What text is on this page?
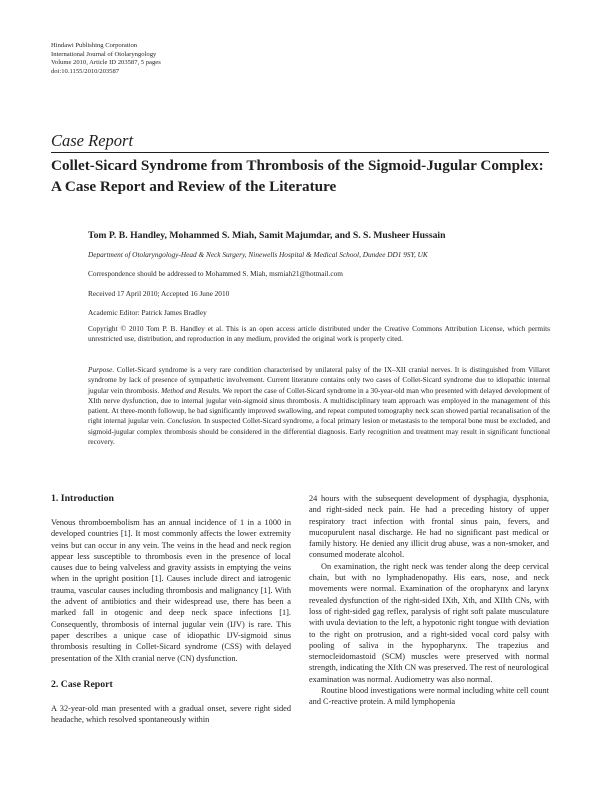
Hindawi Publishing Corporation
International Journal of Otolaryngology
Volume 2010, Article ID 203587, 5 pages
doi:10.1155/2010/203587
Case Report
Collet-Sicard Syndrome from Thrombosis of the Sigmoid-Jugular Complex: A Case Report and Review of the Literature
Tom P. B. Handley, Mohammed S. Miah, Samit Majumdar, and S. S. Musheer Hussain
Department of Otolaryngology-Head & Neck Surgery, Ninewells Hospital & Medical School, Dundee DD1 9SY, UK
Correspondence should be addressed to Mohammed S. Miah, msmiah21@hotmail.com
Received 17 April 2010; Accepted 16 June 2010
Academic Editor: Patrick James Bradley
Copyright © 2010 Tom P. B. Handley et al. This is an open access article distributed under the Creative Commons Attribution License, which permits unrestricted use, distribution, and reproduction in any medium, provided the original work is properly cited.
Purpose. Collet-Sicard syndrome is a very rare condition characterised by unilateral palsy of the IX–XII cranial nerves. It is distinguished from Villaret syndrome by lack of presence of sympathetic involvement. Current literature contains only two cases of Collet-Sicard syndrome due to idiopathic internal jugular vein thrombosis. Method and Results. We report the case of Collet-Sicard syndrome in a 30-year-old man who presented with delayed development of XIth nerve dysfunction, due to internal jugular vein-sigmoid sinus thrombosis. A multidisciplinary team approach was employed in the management of this patient. At three-month followup, he had significantly improved swallowing, and repeat computed tomography neck scan showed partial recanalisation of the right internal jugular vein. Conclusion. In suspected Collet-Sicard syndrome, a focal primary lesion or metastasis to the temporal bone must be excluded, and sigmoid-jugular complex thrombosis should be considered in the differential diagnosis. Early recognition and treatment may result in significant functional recovery.
1. Introduction

Venous thromboembolism has an annual incidence of 1 in a 1000 in developed countries [1]. It most commonly affects the lower extremity veins but can occur in any vein. The veins in the head and neck region appear less susceptible to thrombosis even in the presence of local causes due to being valveless and gravity assists in emptying the veins when in the upright position [1]. Causes include direct and iatrogenic trauma, vascular causes including thrombosis and malignancy [1]. With the advent of antibiotics and their widespread use, there has been a marked fall in otogenic and deep neck space infections [1]. Consequently, thrombosis of internal jugular vein (IJV) is rare. This paper describes a unique case of idiopathic IJV-sigmoid sinus thrombosis resulting in Collet-Sicard syndrome (CSS) with delayed presentation of the XIth cranial nerve (CN) dysfunction.

2. Case Report

A 32-year-old man presented with a gradual onset, severe right sided headache, which resolved spontaneously within

24 hours with the subsequent development of dysphagia, dysphonia, and right-sided neck pain. He had a preceding history of upper respiratory tract infection with frontal sinus pain, fevers, and mucopurulent nasal discharge. He had no significant past medical or family history. He denied any illicit drug abuse, was a non-smoker, and consumed moderate alcohol.

On examination, the right neck was tender along the deep cervical chain, but with no lymphadenopathy. His ears, nose, and neck movements were normal. Examination of the oropharynx and larynx revealed dysfunction of the right-sided IXth, Xth, and XIIth CNs, with loss of right-sided gag reflex, paralysis of right soft palate musculature with uvula deviation to the left, a hypotonic right tongue with deviation to the right on protrusion, and a right-sided vocal cord palsy with pooling of saliva in the hypopharynx. The trapezius and sternocleidomastoid (SCM) muscles were preserved with normal strength, indicating the XIth CN was preserved. The rest of neurological examination was normal. Audiometry was also normal.

Routine blood investigations were normal including white cell count and C-reactive protein. A mild lymphopenia
